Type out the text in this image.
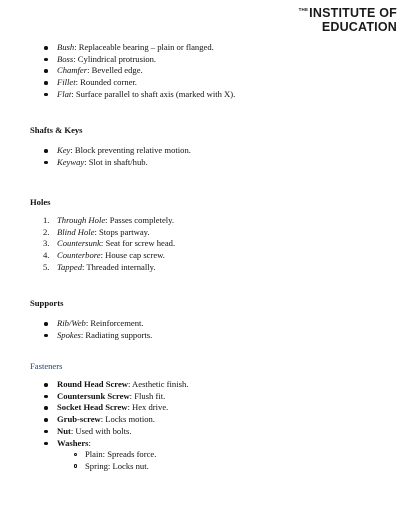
THE INSTITUTE OF
EDUCATION
Bush: Replaceable bearing – plain or flanged.
Boss: Cylindrical protrusion.
Chamfer: Bevelled edge.
Fillet: Rounded corner.
Flat: Surface parallel to shaft axis (marked with X).
Shafts & Keys
Key: Block preventing relative motion.
Keyway: Slot in shaft/hub.
Holes
1. Through Hole: Passes completely.
2. Blind Hole: Stops partway.
3. Countersunk: Seat for screw head.
4. Counterbore: House cap screw.
5. Tapped: Threaded internally.
Supports
Rib/Web: Reinforcement.
Spokes: Radiating supports.
Fasteners
Round Head Screw: Aesthetic finish.
Countersunk Screw: Flush fit.
Socket Head Screw: Hex drive.
Grub-screw: Locks motion.
Nut: Used with bolts.
Washers:
Plain: Spreads force.
Spring: Locks nut.
